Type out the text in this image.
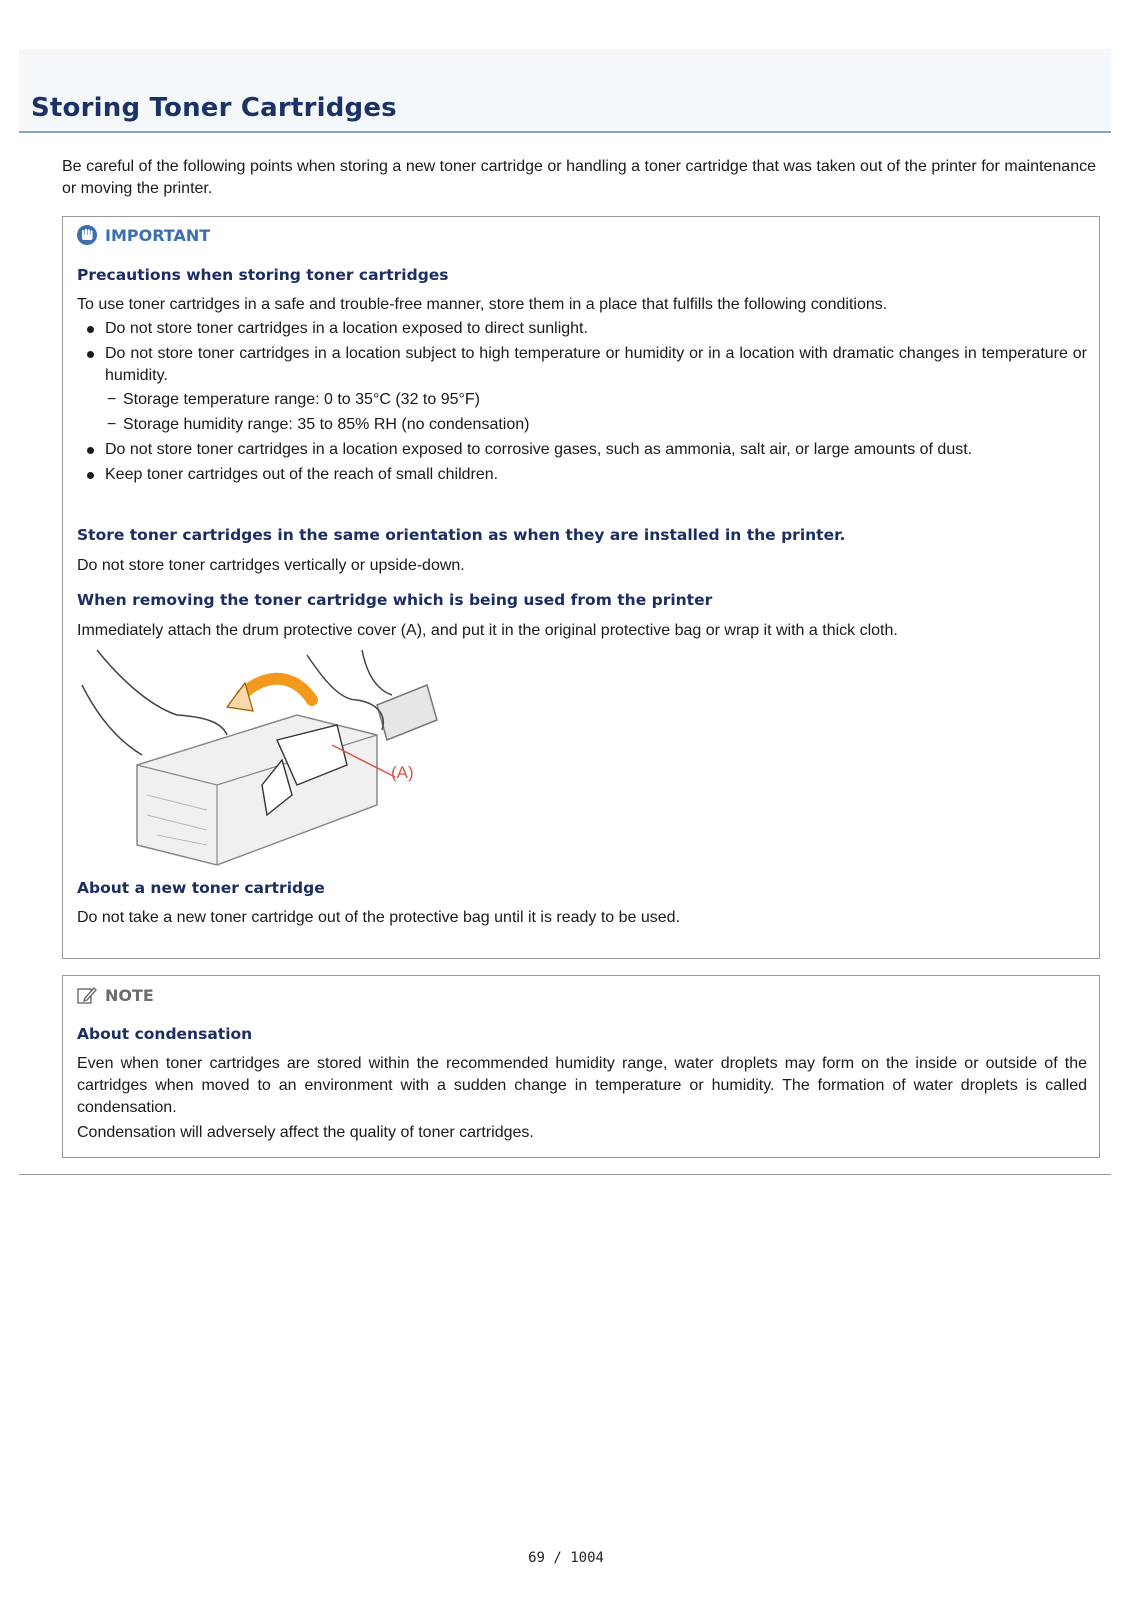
Storing Toner Cartridges

Be careful of the following points when storing a new toner cartridge or handling a toner cartridge that was taken out of the printer for maintenance or moving the printer.

IMPORTANT
Precautions when storing toner cartridges

To use toner cartridges in a safe and trouble-free manner, store them in a place that fulfills the following conditions.

Do not store toner cartridges in a location exposed to direct sunlight.
Do not store toner cartridges in a location subject to high temperature or humidity or in a location with dramatic changes in temperature or humidity.
− Storage temperature range: 0 to 35°C (32 to 95°F)
− Storage humidity range: 35 to 85% RH (no condensation)
Do not store toner cartridges in a location exposed to corrosive gases, such as ammonia, salt air, or large amounts of dust.
Keep toner cartridges out of the reach of small children.
Store toner cartridges in the same orientation as when they are installed in the printer.

Do not store toner cartridges vertically or upside-down.

When removing the toner cartridge which is being used from the printer

Immediately attach the drum protective cover (A), and put it in the original protective bag or wrap it with a thick cloth.

(A)
About a new toner cartridge

Do not take a new toner cartridge out of the protective bag until it is ready to be used.

NOTE
About condensation

Even when toner cartridges are stored within the recommended humidity range, water droplets may form on the inside or outside of the cartridges when moved to an environment with a sudden change in temperature or humidity. The formation of water droplets is called condensation.

Condensation will adversely affect the quality of toner cartridges.

69 / 1004
